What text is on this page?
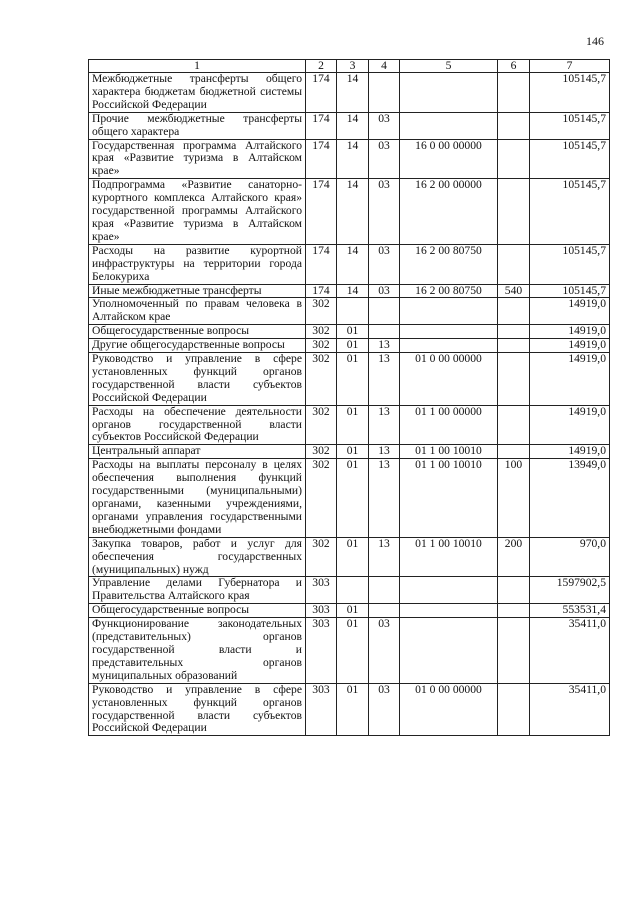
146
1	2	3	4	5	6	7
Межбюджетные трансферты общего характера бюджетам бюджетной системы Российской Федерации	174	14				105145,7
Прочие межбюджетные трансферты общего характера	174	14	03			105145,7
Государственная программа Алтайского края «Развитие туризма в Алтайском крае»	174	14	03	16 0 00 00000		105145,7
Подпрограмма «Развитие санаторно-курортного комплекса Алтайского края» государственной программы Алтайского края «Развитие туризма в Алтайском крае»	174	14	03	16 2 00 00000		105145,7
Расходы на развитие курортной инфраструктуры на территории города Белокуриха	174	14	03	16 2 00 80750		105145,7
Иные межбюджетные трансферты	174	14	03	16 2 00 80750	540	105145,7
Уполномоченный по правам человека в Алтайском крае	302					14919,0
Общегосударственные вопросы	302	01				14919,0
Другие общегосударственные вопросы	302	01	13			14919,0
Руководство и управление в сфере установленных функций органов государственной власти субъектов Российской Федерации	302	01	13	01 0 00 00000		14919,0
Расходы на обеспечение деятельности органов государственной власти субъектов Российской Федерации	302	01	13	01 1 00 00000		14919,0
Центральный аппарат	302	01	13	01 1 00 10010		14919,0
Расходы на выплаты персоналу в целях обеспечения выполнения функций государственными (муниципальными) органами, казенными учреждениями, органами управления государственными внебюджетными фондами	302	01	13	01 1 00 10010	100	13949,0
Закупка товаров, работ и услуг для обеспечения государственных (муниципальных) нужд	302	01	13	01 1 00 10010	200	970,0
Управление делами Губернатора и Правительства Алтайского края	303					1597902,5
Общегосударственные вопросы	303	01				553531,4
Функционирование законодательных (представительных) органов государственной власти и представительных органов муниципальных образований	303	01	03			35411,0
Руководство и управление в сфере установленных функций органов государственной власти субъектов Российской Федерации	303	01	03	01 0 00 00000		35411,0
